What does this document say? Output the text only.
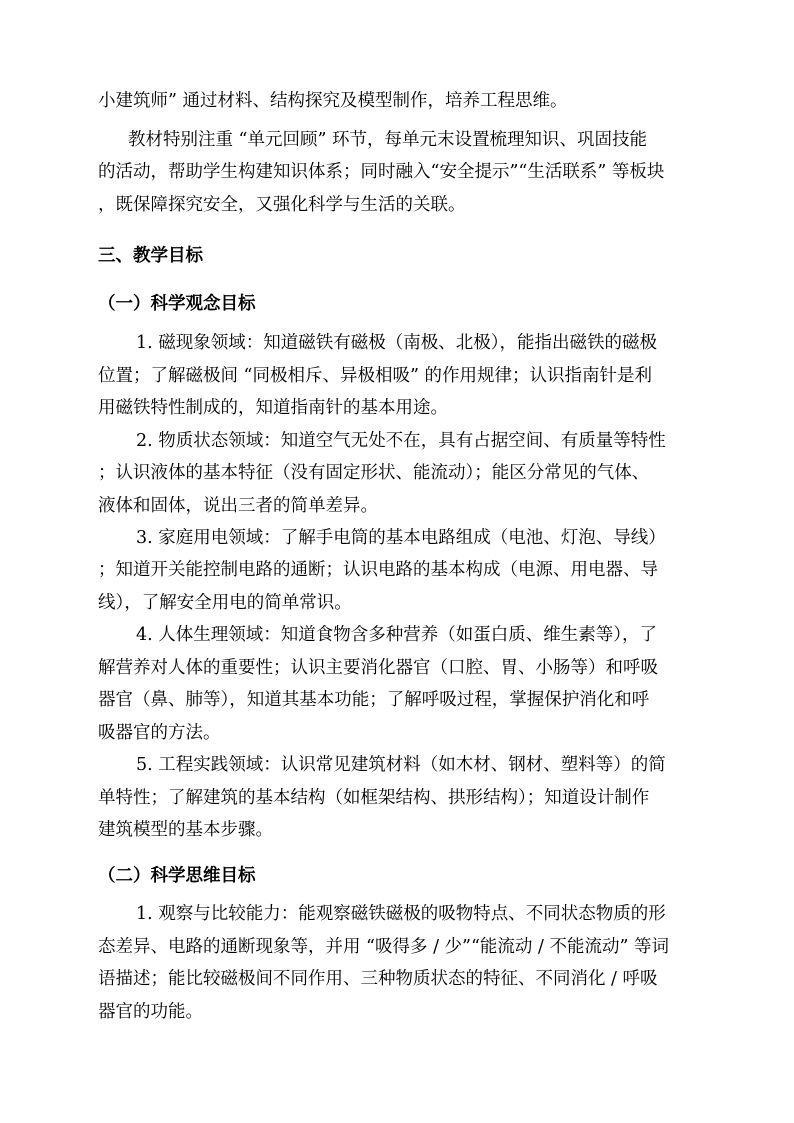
小建筑师” 通过材料、结构探究及模型制作，培养工程思维。
教材特别注重 “单元回顾” 环节，每单元末设置梳理知识、巩固技能
的活动，帮助学生构建知识体系；同时融入“安全提示”“生活联系” 等板块
，既保障探究安全，又强化科学与生活的关联。
三、教学目标
（一）科学观念目标
1. 磁现象领域：知道磁铁有磁极（南极、北极），能指出磁铁的磁极
位置；了解磁极间 “同极相斥、异极相吸” 的作用规律；认识指南针是利
用磁铁特性制成的，知道指南针的基本用途。
2. 物质状态领域：知道空气无处不在，具有占据空间、有质量等特性
；认识液体的基本特征（没有固定形状、能流动）；能区分常见的气体、
液体和固体，说出三者的简单差异。
3. 家庭用电领域：了解手电筒的基本电路组成（电池、灯泡、导线）
；知道开关能控制电路的通断；认识电路的基本构成（电源、用电器、导
线），了解安全用电的简单常识。
4. 人体生理领域：知道食物含多种营养（如蛋白质、维生素等），了
解营养对人体的重要性；认识主要消化器官（口腔、胃、小肠等）和呼吸
器官（鼻、肺等），知道其基本功能；了解呼吸过程，掌握保护消化和呼
吸器官的方法。
5. 工程实践领域：认识常见建筑材料（如木材、钢材、塑料等）的简
单特性；了解建筑的基本结构（如框架结构、拱形结构）；知道设计制作
建筑模型的基本步骤。
（二）科学思维目标
1. 观察与比较能力：能观察磁铁磁极的吸物特点、不同状态物质的形
态差异、电路的通断现象等，并用 “吸得多 / 少”“能流动 / 不能流动” 等词
语描述；能比较磁极间不同作用、三种物质状态的特征、不同消化 / 呼吸
器官的功能。
